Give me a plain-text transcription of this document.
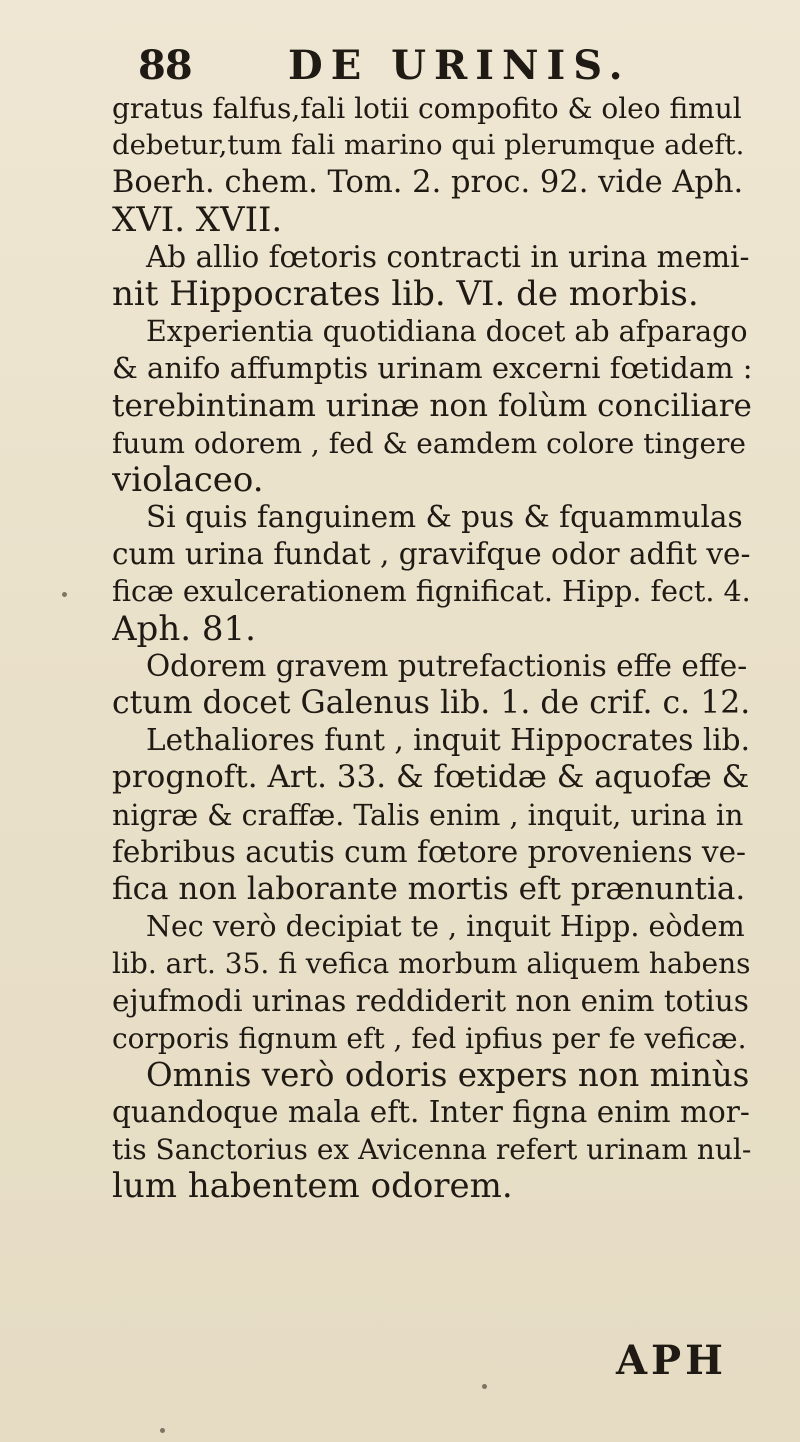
88 DE URINIS.
gratus falfus,fali lotii compofito & oleo fimul
debetur,tum fali marino qui plerumque adeft.
Boerh. chem. Tom. 2. proc. 92. vide Aph.
XVI. XVII.
Ab allio fœtoris contracti in urina memi-
nit Hippocrates lib. VI. de morbis.
Experientia quotidiana docet ab afparago
& anifo affumptis urinam excerni fœtidam :
terebintinam urinæ non folùm conciliare
fuum odorem , fed & eamdem colore tingere
violaceo.
Si quis fanguinem & pus & fquammulas
cum urina fundat , gravifque odor adfit ve-
ficæ exulcerationem fignificat. Hipp. fect. 4.
Aph. 81.
Odorem gravem putrefactionis effe effe-
ctum docet Galenus lib. 1. de crif. c. 12.
Lethaliores funt , inquit Hippocrates lib.
prognoft. Art. 33. & fœtidæ & aquofæ &
nigræ & craffæ. Talis enim , inquit, urina in
febribus acutis cum fœtore proveniens ve-
fica non laborante mortis eft prænuntia.
Nec verò decipiat te , inquit Hipp. eòdem
lib. art. 35. fi vefica morbum aliquem habens
ejufmodi urinas reddiderit non enim totius
corporis fignum eft , fed ipfius per fe veficæ.
Omnis verò odoris expers non minùs
quandoque mala eft. Inter figna enim mor-
tis Sanctorius ex Avicenna refert urinam nul-
lum habentem odorem.
APH
